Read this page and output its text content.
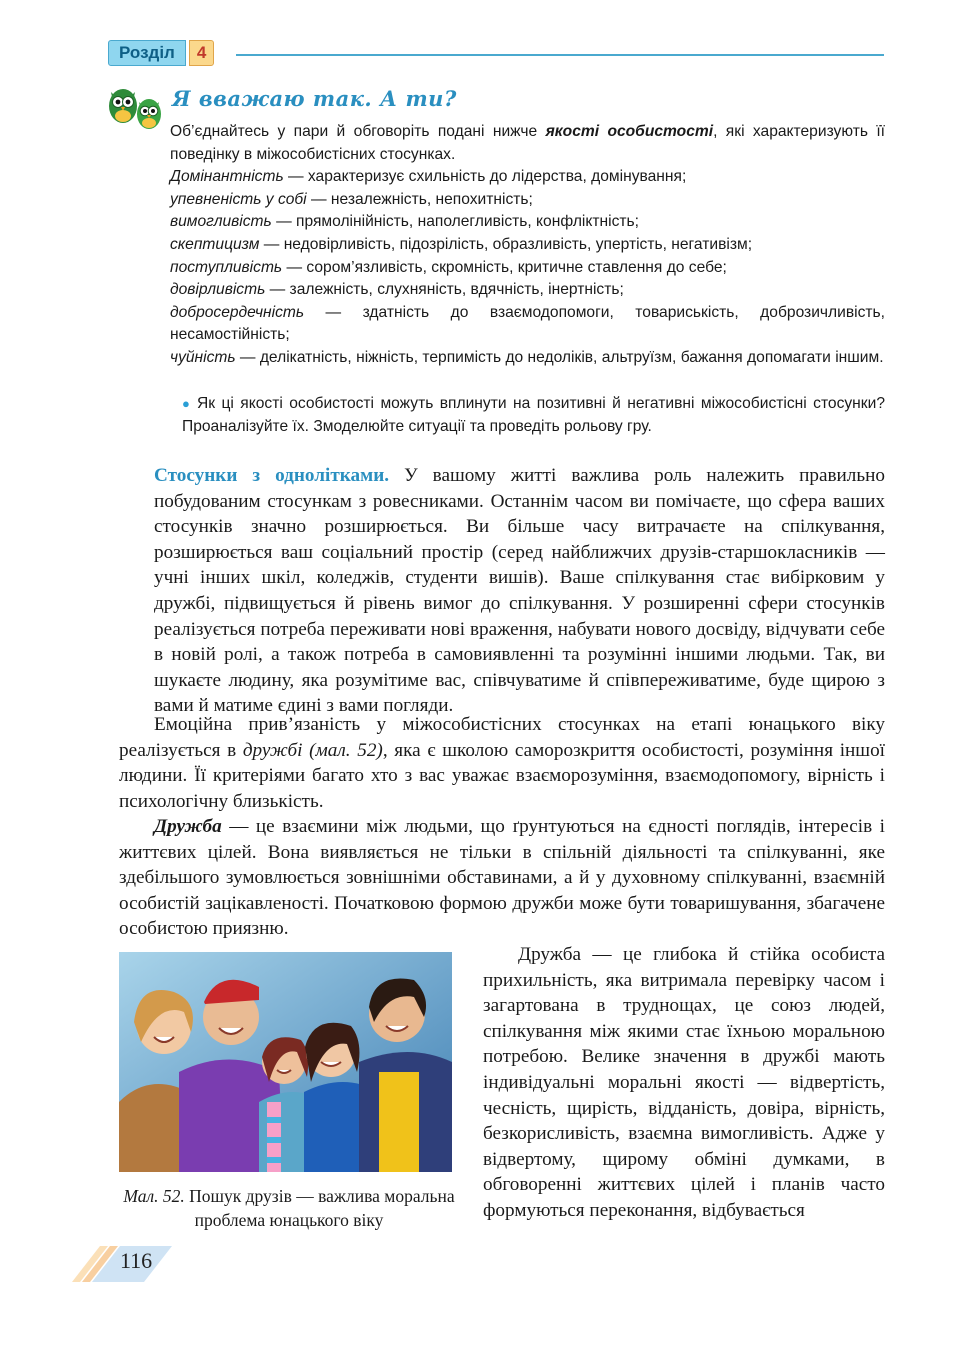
Розділ	4
Я вважаю так. А ти?

Об’єднайтесь у пари й обговоріть подані нижче якості особистості, які характеризують її поведінку в міжособистісних стосунках.

Домінантність — характеризує схильність до лідерства, домінування;

упевненість у собі — незалежність, непохитність;

вимогливість — прямолінійність, наполегливість, конфліктність;

скептицизм — недовірливість, підозрілість, образливість, упертість, негативізм;

поступливість — сором’язливість, скромність, критичне ставлення до себе;

довірливість — залежність, слухняність, вдячність, інертність;

добросердечність — здатність до взаємодопомоги, товариськість, доброзичливість, несамостійність;

чуйність — делікатність, ніжність, терпимість до недоліків, альтруїзм, бажання допомагати іншим.

● Як ці якості особистості можуть вплинути на позитивні й негативні міжособистісні стосунки? Проаналізуйте їх. Змоделюйте ситуації та проведіть рольову гру.

Стосунки з однолітками. У вашому житті важлива роль належить правильно побудованим стосункам з ровесниками. Останнім часом ви помічаєте, що сфера ваших стосунків значно розширюється. Ви більше часу витрачаєте на спілкування, розширюється ваш соціальний простір (серед найближчих друзів-старшокласників — учні інших шкіл, коледжів, студенти вишів). Ваше спілкування стає вибірковим у дружбі, підвищується й рівень вимог до спілкування. У розширенні сфери стосунків реалізується потреба переживати нові враження, набувати нового досвіду, відчувати себе в новій ролі, а також потреба в самовиявленні та розумінні іншими людьми. Так, ви шукаєте людину, яка розумітиме вас, співчуватиме й співпереживатиме, буде щирою з вами й матиме єдині з вами погляди.

Емоційна прив’язаність у міжособистісних стосунках на етапі юнацького віку реалізується в дружбі (мал. 52), яка є школою саморозкриття особистості, розуміння іншої людини. Її критеріями багато хто з вас уважає взаєморозуміння, взаємодопомогу, вірність і психологічну близькість.
Дружба — це взаємини між людьми, що ґрунтуються на єдності поглядів, інтересів і життєвих цілей. Вона виявляється не тільки в спільній діяльності та спілкуванні, яке здебільшого зумовлюється зовнішніми обставинами, а й у духовному спілкуванні, взаємній особистій зацікавленості. Початковою формою дружби може бути товаришування, збагачене особистою приязню.
Мал. 52. Пошук друзів — важлива моральна проблема юнацького віку

Дружба — це глибока й стійка особиста прихильність, яка витримала перевірку часом і загартована в труднощах, це союз людей, спілкування між якими стає їхньою моральною потребою. Велике значення в дружбі мають індивідуальні моральні якості — відвертість, чесність, щирість, відданість, довіра, вірність, безкорисливість, взаємна вимогливість. Адже у відвертому, щирому обміні думками, в обговоренні життєвих цілей і планів часто формуються переконання, відбувається

116
